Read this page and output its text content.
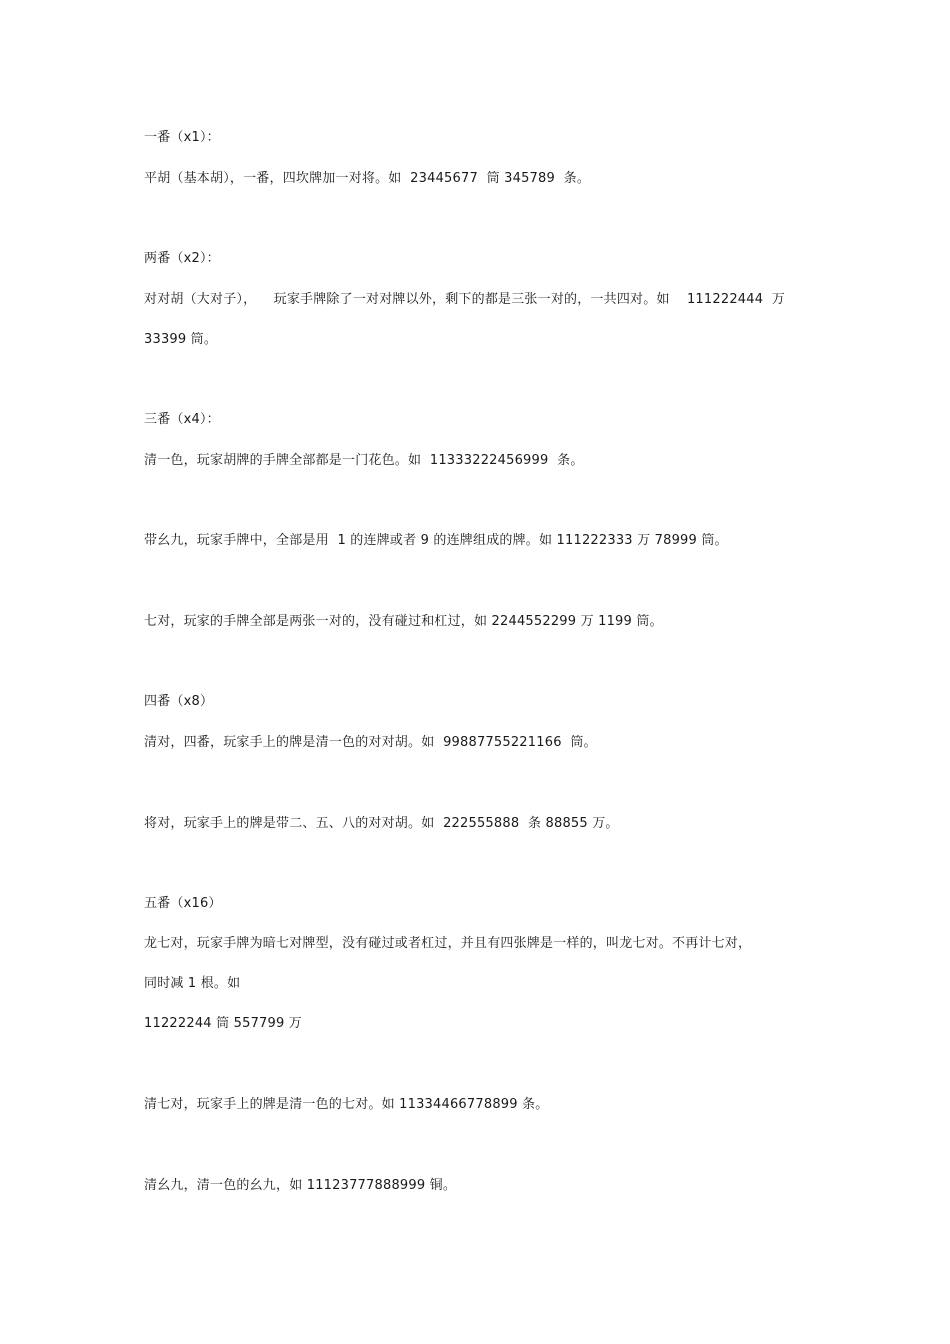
一番（x1）：
平胡（基本胡），一番，四坎牌加一对将。如  23445677  筒 345789  条。
两番（x2）：
对对胡（大对子），    玩家手牌除了一对对牌以外，剩下的都是三张一对的，一共四对。如    111222444  万
33399 筒。
三番（x4）：
清一色，玩家胡牌的手牌全部都是一门花色。如  11333222456999  条。
带幺九，玩家手牌中，全部是用  1 的连牌或者 9 的连牌组成的牌。如 111222333 万 78999 筒。
七对，玩家的手牌全部是两张一对的，没有碰过和杠过，如 2244552299 万 1199 筒。
四番（x8）
清对，四番，玩家手上的牌是清一色的对对胡。如  99887755221166  筒。
将对，玩家手上的牌是带二、五、八的对对胡。如  222555888  条 88855 万。
五番（x16）
龙七对，玩家手牌为暗七对牌型，没有碰过或者杠过，并且有四张牌是一样的，叫龙七对。不再计七对，
同时减 1 根。如
11222244 筒 557799 万
清七对，玩家手上的牌是清一色的七对。如 11334466778899 条。
清幺九，清一色的幺九，如 11123777888999 铜。
